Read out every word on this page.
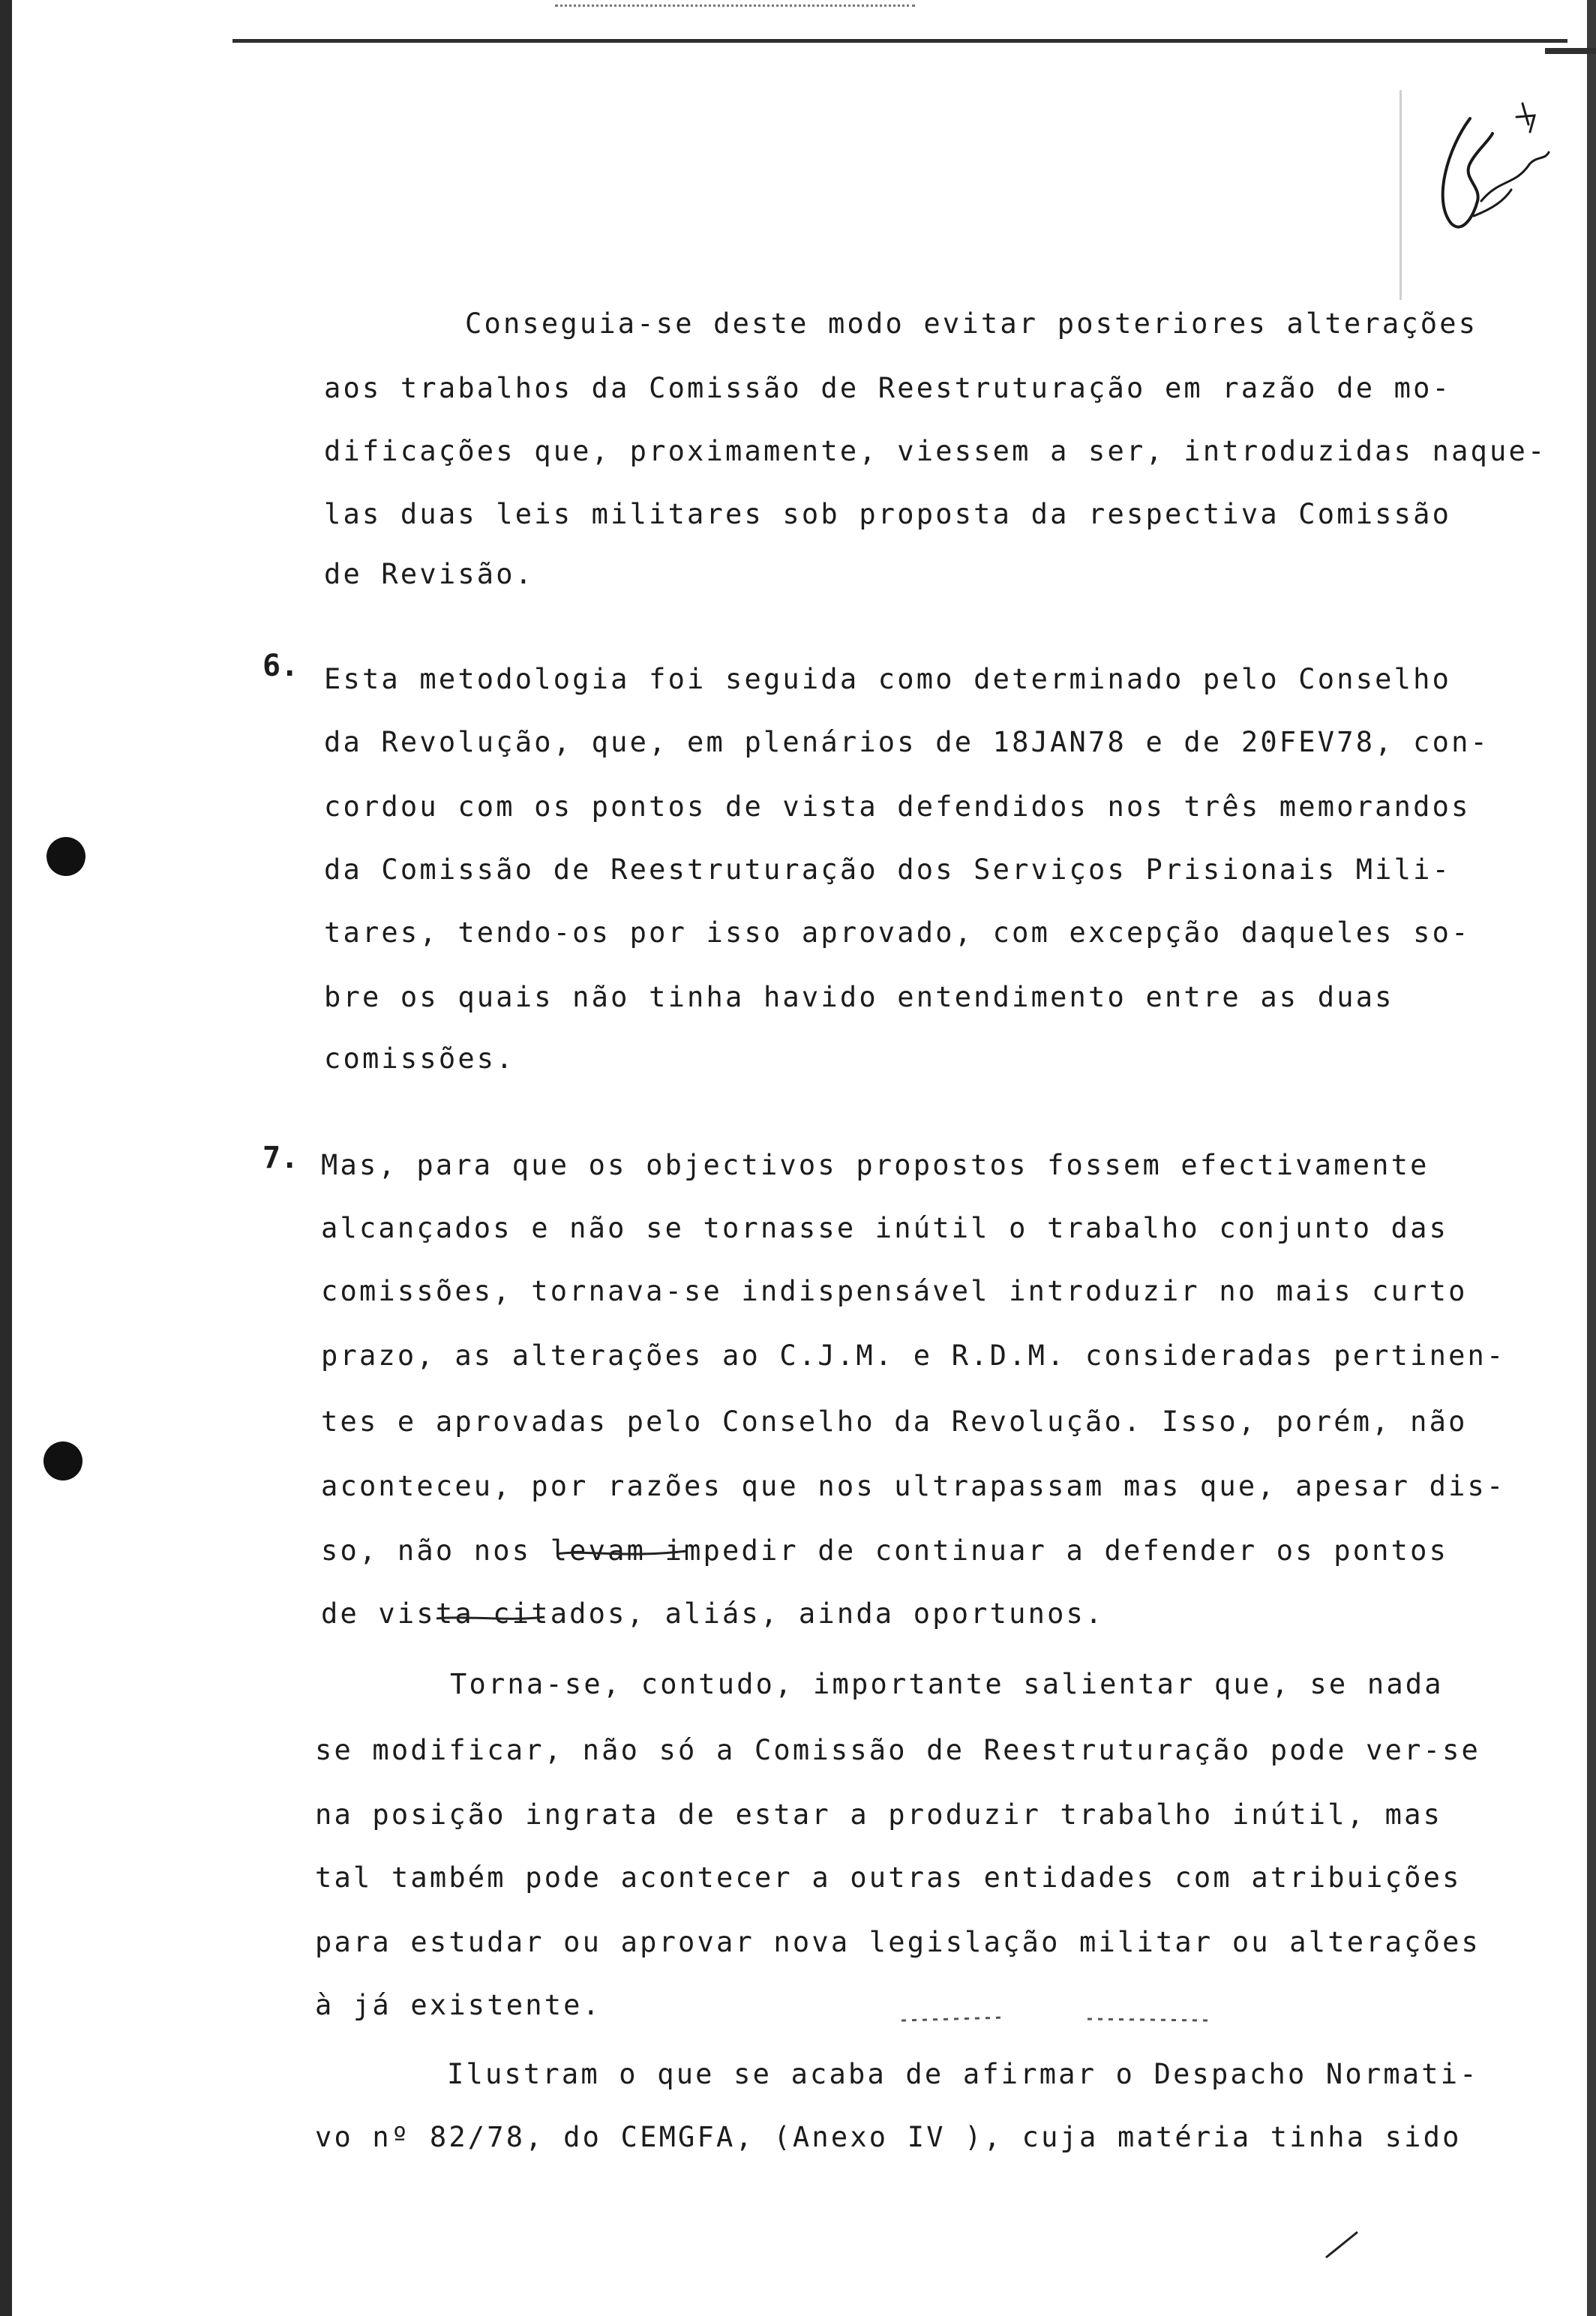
Conseguia-se deste modo evitar posteriores alterações
aos trabalhos da Comissão de Reestruturação em razão de mo-
dificações que, proximamente, viessem a ser, introduzidas naque-
las duas leis militares sob proposta da respectiva Comissão
de Revisão.
6. Esta metodologia foi seguida como determinado pelo Conselho
da Revolução, que, em plenários de 18JAN78 e de 20FEV78, con-
cordou com os pontos de vista defendidos nos três memorandos
da Comissão de Reestruturação dos Serviços Prisionais Mili-
tares, tendo-os por isso aprovado, com excepção daqueles so-
bre os quais não tinha havido entendimento entre as duas
comissões.
7. Mas, para que os objectivos propostos fossem efectivamente
alcançados e não se tornasse inútil o trabalho conjunto das
comissões, tornava-se indispensável introduzir no mais curto
prazo, as alterações ao C.J.M. e R.D.M. consideradas pertinen-
tes e aprovadas pelo Conselho da Revolução. Isso, porém, não
aconteceu, por razões que nos ultrapassam mas que, apesar dis-
so, não nos levam impedir de continuar a defender os pontos
de vista citados, aliás, ainda oportunos.
Torna-se, contudo, importante salientar que, se nada
se modificar, não só a Comissão de Reestruturação pode ver-se
na posição ingrata de estar a produzir trabalho inútil, mas
tal também pode acontecer a outras entidades com atribuições
para estudar ou aprovar nova legislação militar ou alterações
à já existente.
Ilustram o que se acaba de afirmar o Despacho Normati-
vo nº 82/78, do CEMGFA, (Anexo IV ), cuja matéria tinha sido
